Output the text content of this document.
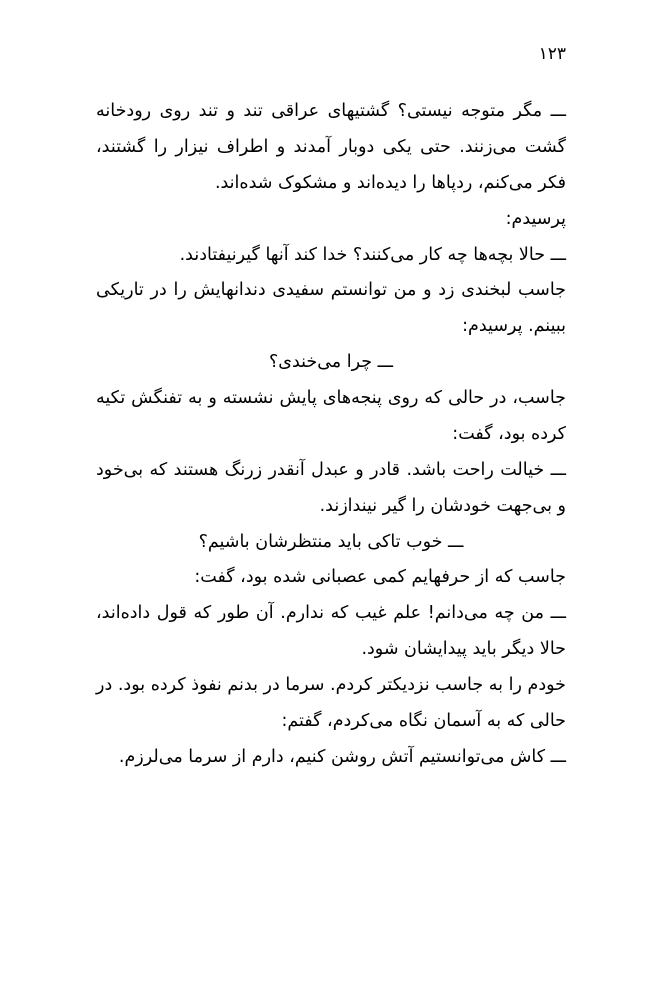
۱۲۳

ـــ مگر متوجه نیستی؟ گشتیهای عراقی تند و تند روی رودخانه گشت می‌زنند. حتی یکی دوبار آمدند و اطراف نیزار را گشتند، فکر می‌کنم، ردپاها را دیده‌اند و مشکوک شده‌اند.

پرسیدم:

ـــ حالا بچه‌ها چه کار می‌کنند؟ خدا کند آنها گیرنیفتادند.

جاسب لبخندی زد و من توانستم سفیدی دندانهایش را در تاریکی ببینم. پرسیدم:

ـــ چرا می‌خندی؟

جاسب، در حالی که روی پنجه‌های پایش نشسته و به تفنگش تکیه کرده بود، گفت:

ـــ خیالت راحت باشد. قادر و عبدل آنقدر زرنگ هستند که بی‌خود و بی‌جهت خودشان را گیر نیندازند.

ـــ خوب تاکی باید منتظرشان باشیم؟

جاسب که از حرفهایم کمی عصبانی شده بود، گفت:

ـــ من چه می‌دانم! علم غیب که ندارم. آن طور که قول داده‌اند، حالا دیگر باید پیدایشان شود.

خودم را به جاسب نزدیکتر کردم. سرما در بدنم نفوذ کرده بود. در حالی که به آسمان نگاه می‌کردم، گفتم:

ـــ کاش می‌توانستیم آتش روشن کنیم، دارم از سرما می‌لرزم.
